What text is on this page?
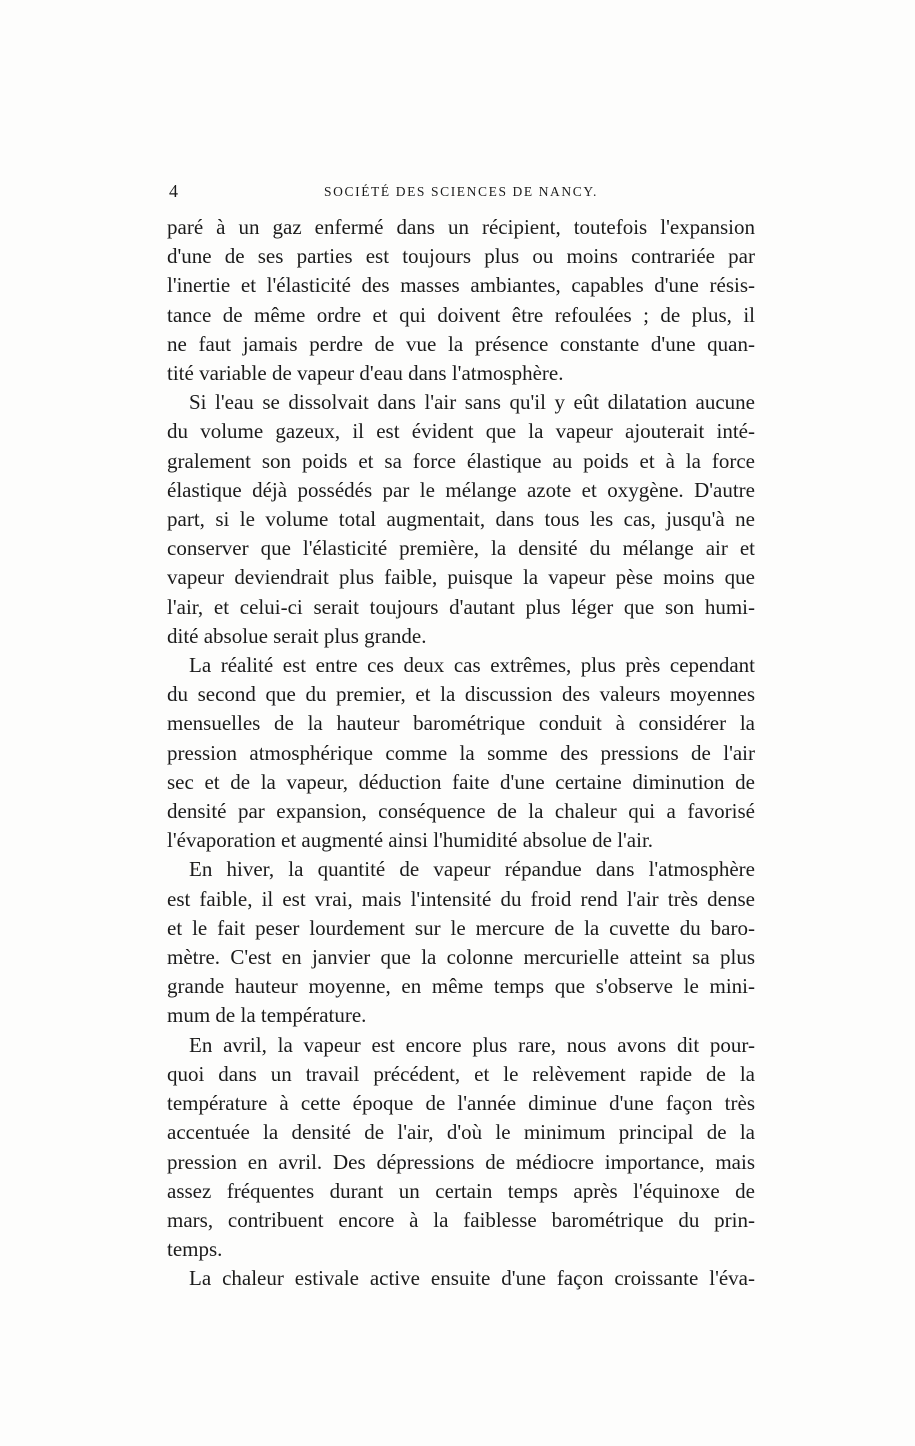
4	SOCIÉTÉ DES SCIENCES DE NANCY.
paré à un gaz enfermé dans un récipient, toutefois l'expansion
d'une de ses parties est toujours plus ou moins contrariée par
l'inertie et l'élasticité des masses ambiantes, capables d'une résis-
tance de même ordre et qui doivent être refoulées ; de plus, il
ne faut jamais perdre de vue la présence constante d'une quan-
tité variable de vapeur d'eau dans l'atmosphère.
Si l'eau se dissolvait dans l'air sans qu'il y eût dilatation aucune
du volume gazeux, il est évident que la vapeur ajouterait inté-
gralement son poids et sa force élastique au poids et à la force
élastique déjà possédés par le mélange azote et oxygène. D'autre
part, si le volume total augmentait, dans tous les cas, jusqu'à ne
conserver que l'élasticité première, la densité du mélange air et
vapeur deviendrait plus faible, puisque la vapeur pèse moins que
l'air, et celui-ci serait toujours d'autant plus léger que son humi-
dité absolue serait plus grande.
La réalité est entre ces deux cas extrêmes, plus près cependant
du second que du premier, et la discussion des valeurs moyennes
mensuelles de la hauteur barométrique conduit à considérer la
pression atmosphérique comme la somme des pressions de l'air
sec et de la vapeur, déduction faite d'une certaine diminution de
densité par expansion, conséquence de la chaleur qui a favorisé
l'évaporation et augmenté ainsi l'humidité absolue de l'air.
En hiver, la quantité de vapeur répandue dans l'atmosphère
est faible, il est vrai, mais l'intensité du froid rend l'air très dense
et le fait peser lourdement sur le mercure de la cuvette du baro-
mètre. C'est en janvier que la colonne mercurielle atteint sa plus
grande hauteur moyenne, en même temps que s'observe le mini-
mum de la température.
En avril, la vapeur est encore plus rare, nous avons dit pour-
quoi dans un travail précédent, et le relèvement rapide de la
température à cette époque de l'année diminue d'une façon très
accentuée la densité de l'air, d'où le minimum principal de la
pression en avril. Des dépressions de médiocre importance, mais
assez fréquentes durant un certain temps après l'équinoxe de
mars, contribuent encore à la faiblesse barométrique du prin-
temps.
La chaleur estivale active ensuite d'une façon croissante l'éva-
